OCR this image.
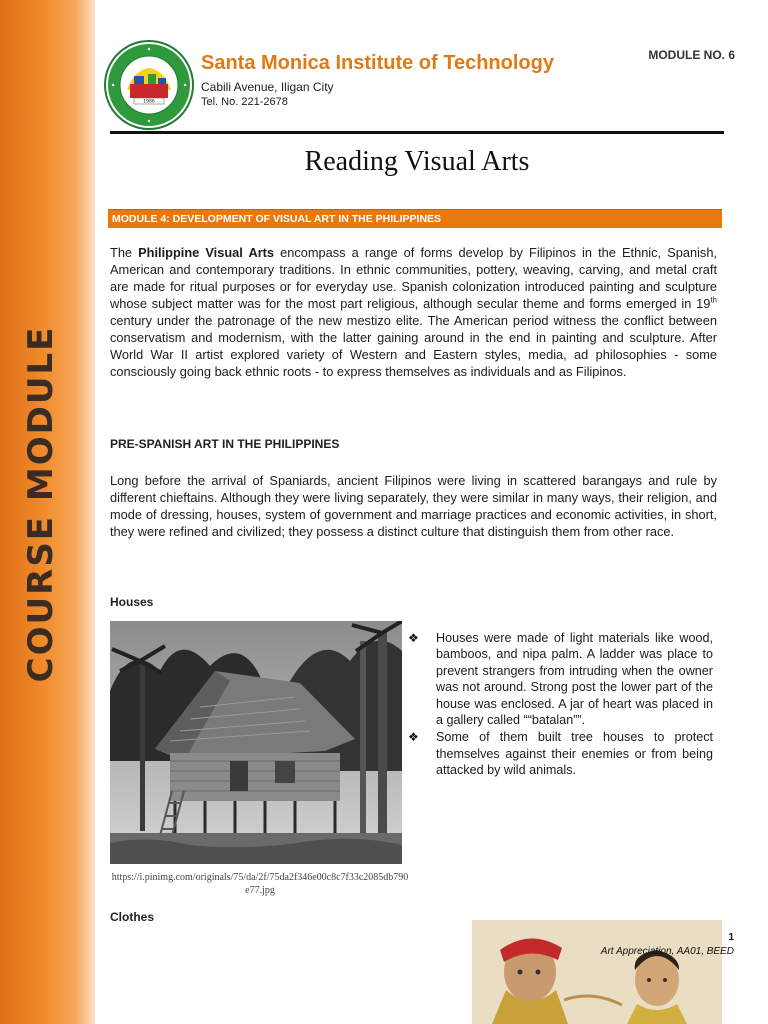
COURSE MODULE
1986
Santa Monica Institute of Technology
Cabili Avenue, Iligan City
Tel. No. 221-2678
MODULE NO. 6
Reading Visual Arts
MODULE 4: DEVELOPMENT OF VISUAL ART IN THE PHILIPPINES

The Philippine Visual Arts encompass a range of forms develop by Filipinos in the Ethnic, Spanish, American and contemporary traditions. In ethnic communities, pottery, weaving, carving, and metal craft are made for ritual purposes or for everyday use. Spanish colonization introduced painting and sculpture whose subject matter was for the most part religious, although secular theme and forms emerged in 19th century under the patronage of the new mestizo elite. The American period witness the conflict between conservatism and modernism, with the latter gaining around in the end in painting and sculpture. After World War II artist explored variety of Western and Eastern styles, media, ad philosophies - some consciously going back ethnic roots - to express themselves as individuals and as Filipinos.

PRE-SPANISH ART IN THE PHILIPPINES

Long before the arrival of Spaniards, ancient Filipinos were living in scattered barangays and rule by different chieftains. Although they were living separately, they were similar in many ways, their religion, and mode of dressing, houses, system of government and marriage practices and economic activities, in short, they were refined and civilized; they possess a distinct culture that distinguish them from other race.

Houses
https://i.pinimg.com/originals/75/da/2f/75da2f346e00c8c7f33c2085db790e77.jpg
❖ Houses were made of light materials like wood, bamboos, and nipa palm. A ladder was place to prevent strangers from intruding when the owner was not around. Strong post the lower part of the house was enclosed. A jar of heart was placed in a gallery called ““batalan””.
❖ Some of them built tree houses to protect themselves against their enemies or from being attacked by wild animals.
Clothes
1
Art Appreciation, AA01, BEED
